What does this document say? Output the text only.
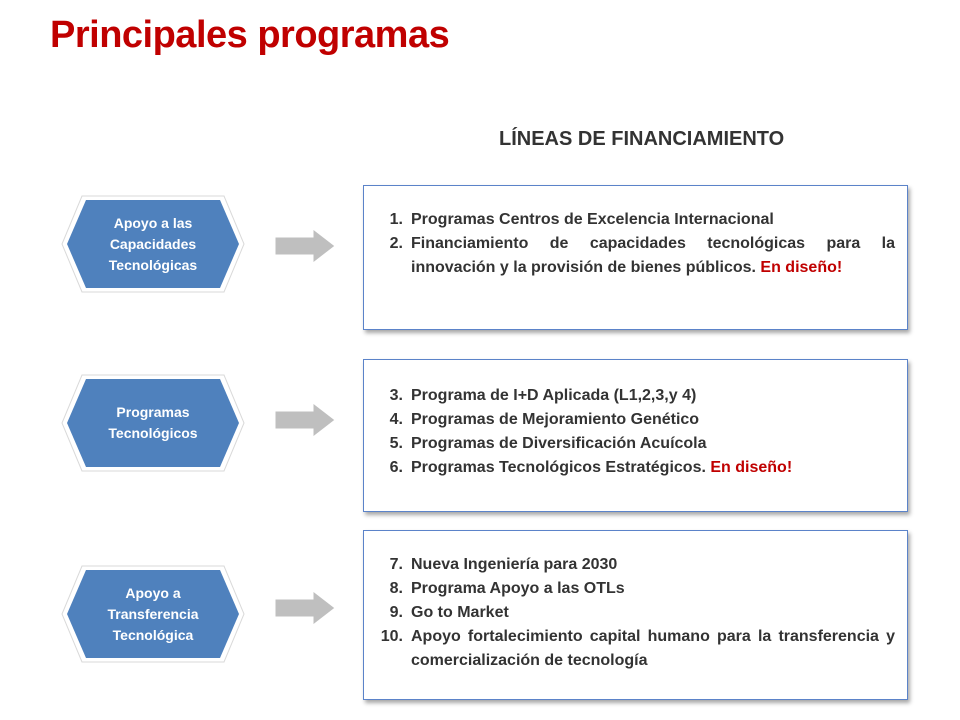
Principales programas
LÍNEAS DE FINANCIAMIENTO
Apoyo a las Capacidades Tecnológicas
Programas Tecnológicos
Apoyo a Transferencia Tecnológica
1. Programas Centros de Excelencia Internacional
2. Financiamiento de capacidades tecnológicas para la innovación y la provisión de bienes públicos. En diseño!
3. Programa de I+D Aplicada (L1,2,3,y 4)
4. Programas de Mejoramiento Genético
5. Programas de Diversificación Acuícola
6. Programas Tecnológicos Estratégicos. En diseño!
7. Nueva Ingeniería para 2030
8. Programa Apoyo a las OTLs
9. Go to Market
10. Apoyo fortalecimiento capital humano para la transferencia y comercialización de tecnología
